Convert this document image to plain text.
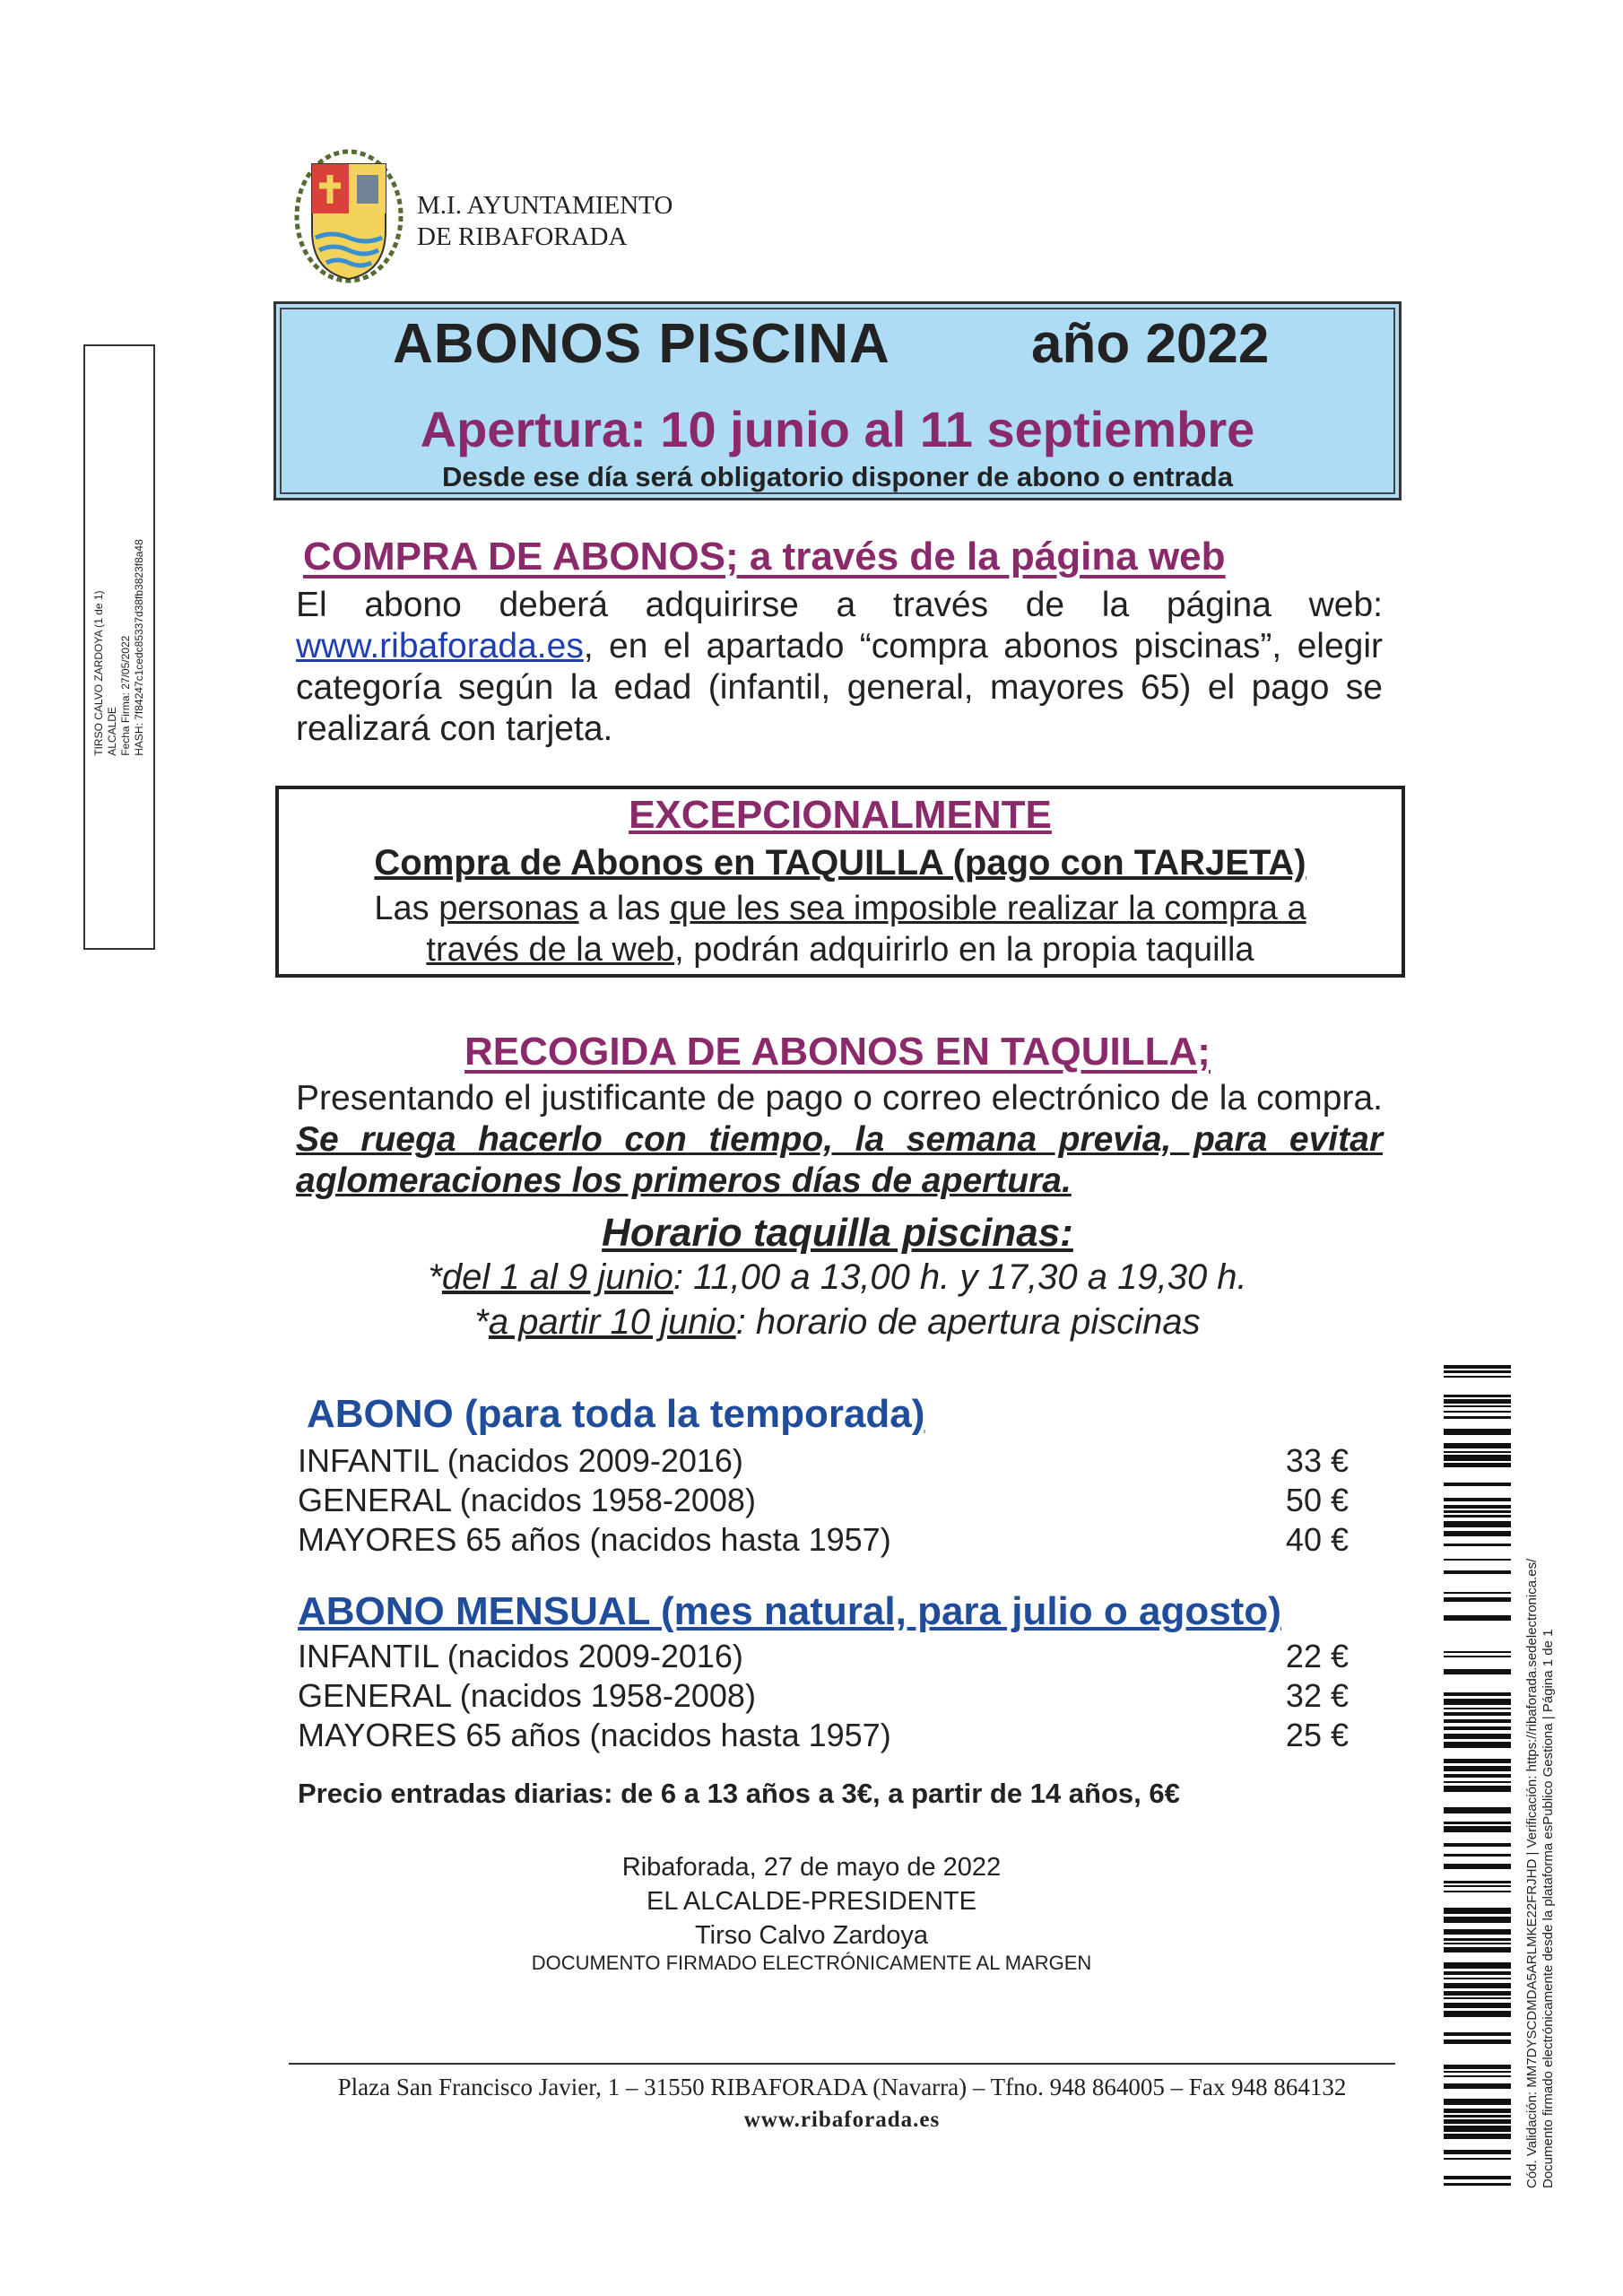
M.I. AYUNTAMIENTO
DE RIBAFORADA
TIRSO CALVO ZARDOYA (1 de 1) ALCALDE Fecha Firma: 27/05/2022 HASH: 7f84247c1cedc85337d38fb3823f8a48
ABONOS PISCINA	año 2022
Apertura: 10 junio al 11 septiembre
Desde ese día será obligatorio disponer de abono o entrada
COMPRA DE ABONOS; a través de la página web
El abono deberá adquirirse a través de la página web: www.ribaforada.es, en el apartado “compra abonos piscinas”, elegir categoría según la edad (infantil, general, mayores 65) el pago se realizará con tarjeta.
EXCEPCIONALMENTE
Compra de Abonos en TAQUILLA (pago con TARJETA)
Las personas a las que les sea imposible realizar la compra a
través de la web, podrán adquirirlo en la propia taquilla
RECOGIDA DE ABONOS EN TAQUILLA;
Presentando el justificante de pago o correo electrónico de la compra. Se ruega hacerlo con tiempo, la semana previa, para evitar aglomeraciones los primeros días de apertura.
Horario taquilla piscinas:
*del 1 al 9 junio: 11,00 a 13,00 h. y 17,30 a 19,30 h.
*a partir 10 junio: horario de apertura piscinas
ABONO (para toda la temporada)
INFANTIL (nacidos 2009-2016)	33 €
GENERAL (nacidos 1958-2008)	50 €
MAYORES 65 años (nacidos hasta 1957)	40 €
ABONO MENSUAL (mes natural, para julio o agosto)
INFANTIL (nacidos 2009-2016)	22 €
GENERAL (nacidos 1958-2008)	32 €
MAYORES 65 años (nacidos hasta 1957)	25 €
Precio entradas diarias: de 6 a 13 años a 3€, a partir de 14 años, 6€
Ribaforada, 27 de mayo de 2022
EL ALCALDE-PRESIDENTE
Tirso Calvo Zardoya
DOCUMENTO FIRMADO ELECTRÓNICAMENTE AL MARGEN
Plaza San Francisco Javier, 1 – 31550 RIBAFORADA (Navarra) – Tfno. 948 864005 – Fax 948 864132
www.ribaforada.es	Cód. Validación: MM7DYSCDMDA5ARLMKE22FRJHD | Verificación: https://ribaforada.sedelectronica.es/ Documento firmado electrónicamente desde la plataforma esPublico Gestiona | Página 1 de 1
